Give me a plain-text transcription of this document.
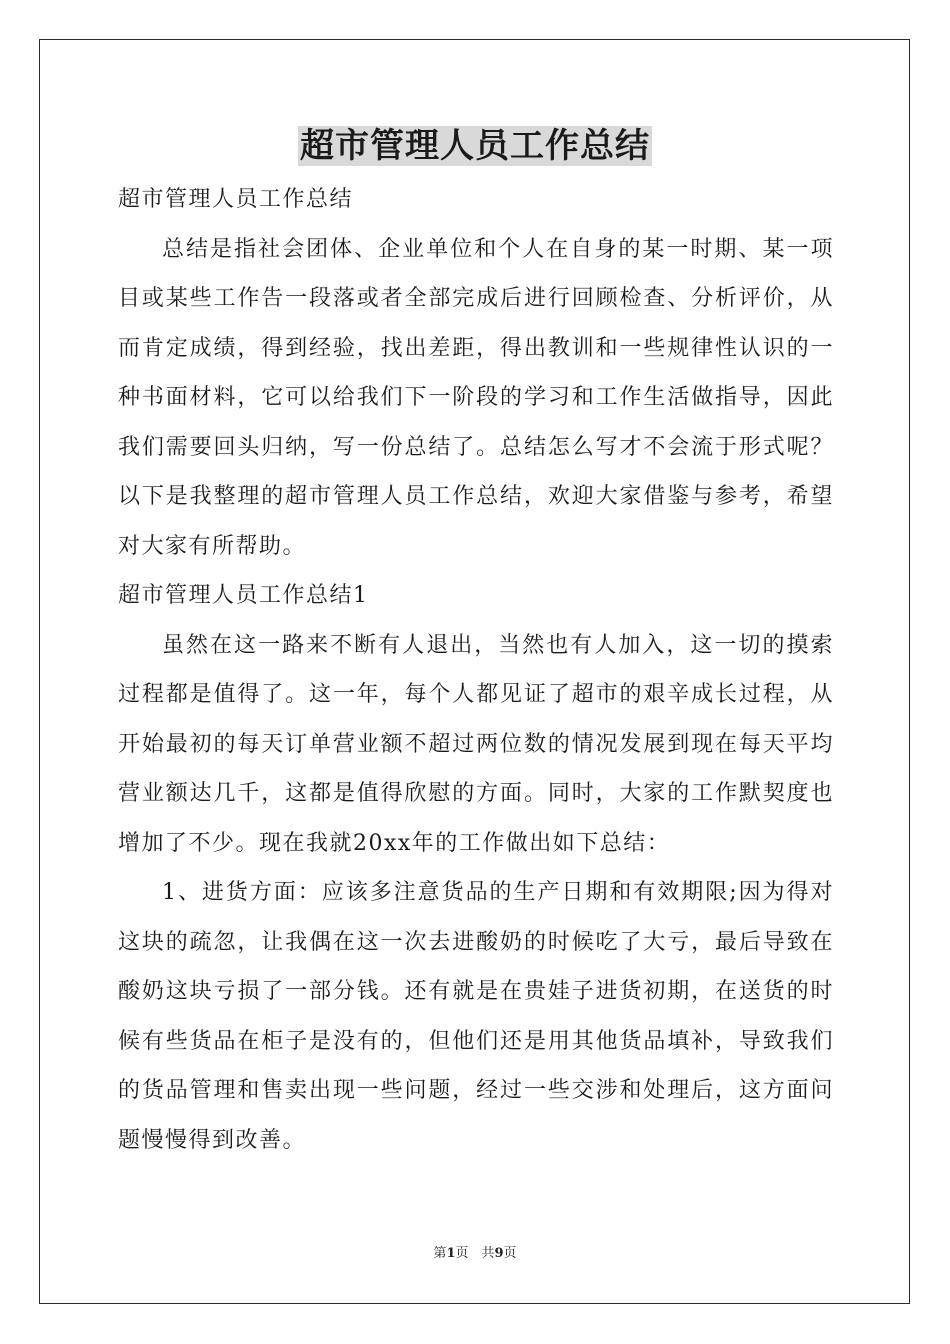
超市管理人员工作总结

超市管理人员工作总结

总结是指社会团体、企业单位和个人在自身的某一时期、某一项目或某些工作告一段落或者全部完成后进行回顾检查、分析评价，从而肯定成绩，得到经验，找出差距，得出教训和一些规律性认识的一种书面材料，它可以给我们下一阶段的学习和工作生活做指导，因此我们需要回头归纳，写一份总结了。总结怎么写才不会流于形式呢？以下是我整理的超市管理人员工作总结，欢迎大家借鉴与参考，希望对大家有所帮助。

超市管理人员工作总结1

虽然在这一路来不断有人退出，当然也有人加入，这一切的摸索过程都是值得了。这一年，每个人都见证了超市的艰辛成长过程，从开始最初的每天订单营业额不超过两位数的情况发展到现在每天平均营业额达几千，这都是值得欣慰的方面。同时，大家的工作默契度也增加了不少。现在我就20xx年的工作做出如下总结：

1、进货方面：应该多注意货品的生产日期和有效期限;因为得对这块的疏忽，让我偶在这一次去进酸奶的时候吃了大亏，最后导致在酸奶这块亏损了一部分钱。还有就是在贵娃子进货初期，在送货的时候有些货品在柜子是没有的，但他们还是用其他货品填补，导致我们的货品管理和售卖出现一些问题，经过一些交涉和处理后，这方面问题慢慢得到改善。

第1页　共9页
